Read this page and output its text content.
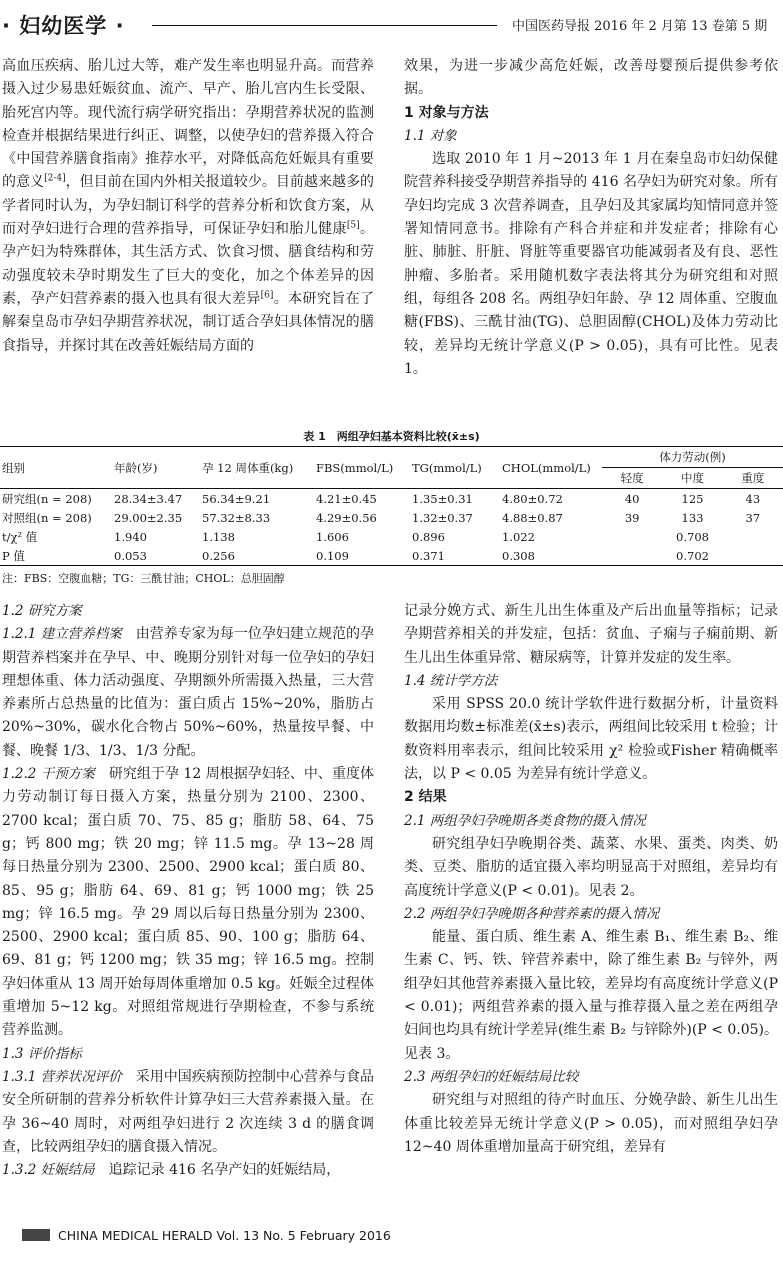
· 妇幼医学 ·	中国医药导报 2016 年 2 月第 13 卷第 5 期

高血压疾病、胎儿过大等，难产发生率也明显升高。而营养摄入过少易患妊娠贫血、流产、早产、胎儿宫内生长受限、胎死宫内等。现代流行病学研究指出：孕期营养状况的监测检查并根据结果进行纠正、调整，以使孕妇的营养摄入符合《中国营养膳食指南》推荐水平，对降低高危妊娠具有重要的意义[2-4]，但目前在国内外相关报道较少。目前越来越多的学者同时认为，为孕妇制订科学的营养分析和饮食方案，从而对孕妇进行合理的营养指导，可保证孕妇和胎儿健康[5]。孕产妇为特殊群体，其生活方式、饮食习惯、膳食结构和劳动强度较未孕时期发生了巨大的变化，加之个体差异的因素，孕产妇营养素的摄入也具有很大差异[6]。本研究旨在了解秦皇岛市孕妇孕期营养状况，制订适合孕妇具体情况的膳食指导，并探讨其在改善妊娠结局方面的

效果，为进一步减少高危妊娠，改善母婴预后提供参考依据。

1 对象与方法

1.1 对象

选取 2010 年 1 月~2013 年 1 月在秦皇岛市妇幼保健院营养科接受孕期营养指导的 416 名孕妇为研究对象。所有孕妇均完成 3 次营养调查，且孕妇及其家属均知情同意并签署知情同意书。排除有产科合并症和并发症者；排除有心脏、肺脏、肝脏、肾脏等重要器官功能减弱者及有良、恶性肿瘤、多胎者。采用随机数字表法将其分为研究组和对照组，每组各 208 名。两组孕妇年龄、孕 12 周体重、空腹血糖(FBS)、三酰甘油(TG)、总胆固醇(CHOL)及体力劳动比较，差异均无统计学意义(P > 0.05)，具有可比性。见表 1。

表 1　两组孕妇基本资料比较(x̄±s)
组别	年龄(岁)	孕 12 周体重(kg)	FBS(mmol/L)	TG(mmol/L)	CHOL(mmol/L)	体力劳动(例)		
						轻度	中度	重度
研究组(n = 208)	28.34±3.47	56.34±9.21	4.21±0.45	1.35±0.31	4.80±0.72	40	125	43
对照组(n = 208)	29.00±2.35	57.32±8.33	4.29±0.56	1.32±0.37	4.88±0.87	39	133	37
t/χ² 值	1.940	1.138	1.606	0.896	1.022	0.708		
P 值	0.053	0.256	0.109	0.371	0.308	0.702		
注：FBS：空腹血糖；TG：三酰甘油；CHOL：总胆固醇

1.2 研究方案

1.2.1 建立营养档案　 由营养专家为每一位孕妇建立规范的孕期营养档案并在孕早、中、晚期分别针对每一位孕妇的孕妇理想体重、体力活动强度、孕期额外所需摄入热量，三大营养素所占总热量的比值为：蛋白质占 15%~20%，脂肪占 20%~30%，碳水化合物占 50%~60%，热量按早餐、中餐、晚餐 1/3、1/3、1/3 分配。

1.2.2 干预方案　 研究组于孕 12 周根据孕妇轻、中、重度体力劳动制订每日摄入方案，热量分别为 2100、2300、2700 kcal；蛋白质 70、75、85 g；脂肪 58、64、75 g；钙 800 mg；铁 20 mg；锌 11.5 mg。孕 13~28 周每日热量分别为 2300、2500、2900 kcal；蛋白质 80、85、95 g；脂肪 64、69、81 g；钙 1000 mg；铁 25 mg；锌 16.5 mg。孕 29 周以后每日热量分别为 2300、2500、2900 kcal；蛋白质 85、90、100 g；脂肪 64、69、81 g；钙 1200 mg；铁 35 mg；锌 16.5 mg。控制孕妇体重从 13 周开始每周体重增加 0.5 kg。妊娠全过程体重增加 5~12 kg。对照组常规进行孕期检查，不参与系统营养监测。

1.3 评价指标

1.3.1 营养状况评价　 采用中国疾病预防控制中心营养与食品安全所研制的营养分析软件计算孕妇三大营养素摄入量。在孕 36~40 周时，对两组孕妇进行 2 次连续 3 d 的膳食调查，比较两组孕妇的膳食摄入情况。

1.3.2 妊娠结局　 追踪记录 416 名孕产妇的妊娠结局，

记录分娩方式、新生儿出生体重及产后出血量等指标；记录孕期营养相关的并发症，包括：贫血、子痫与子痫前期、新生儿出生体重异常、糖尿病等，计算并发症的发生率。

1.4 统计学方法

采用 SPSS 20.0 统计学软件进行数据分析，计量资料数据用均数±标准差(x̄±s)表示，两组间比较采用 t 检验；计数资料用率表示，组间比较采用 χ² 检验或Fisher 精确概率法，以 P < 0.05 为差异有统计学意义。

2 结果

2.1 两组孕妇孕晚期各类食物的摄入情况

研究组孕妇孕晚期谷类、蔬菜、水果、蛋类、肉类、奶类、豆类、脂肪的适宜摄入率均明显高于对照组，差异均有高度统计学意义(P < 0.01)。见表 2。

2.2 两组孕妇孕晚期各种营养素的摄入情况

能量、蛋白质、维生素 A、维生素 B₁、维生素 B₂、维生素 C、钙、铁、锌营养素中，除了维生素 B₂ 与锌外，两组孕妇其他营养素摄入量比较，差异均有高度统计学意义(P < 0.01)；两组营养素的摄入量与推荐摄入量之差在两组孕妇间也均具有统计学差异(维生素 B₂ 与锌除外)(P < 0.05)。见表 3。

2.3 两组孕妇的妊娠结局比较

研究组与对照组的待产时血压、分娩孕龄、新生儿出生体重比较差异无统计学意义(P > 0.05)，而对照组孕妇孕 12~40 周体重增加量高于研究组，差异有

CHINA MEDICAL HERALD Vol. 13 No. 5 February 2016
